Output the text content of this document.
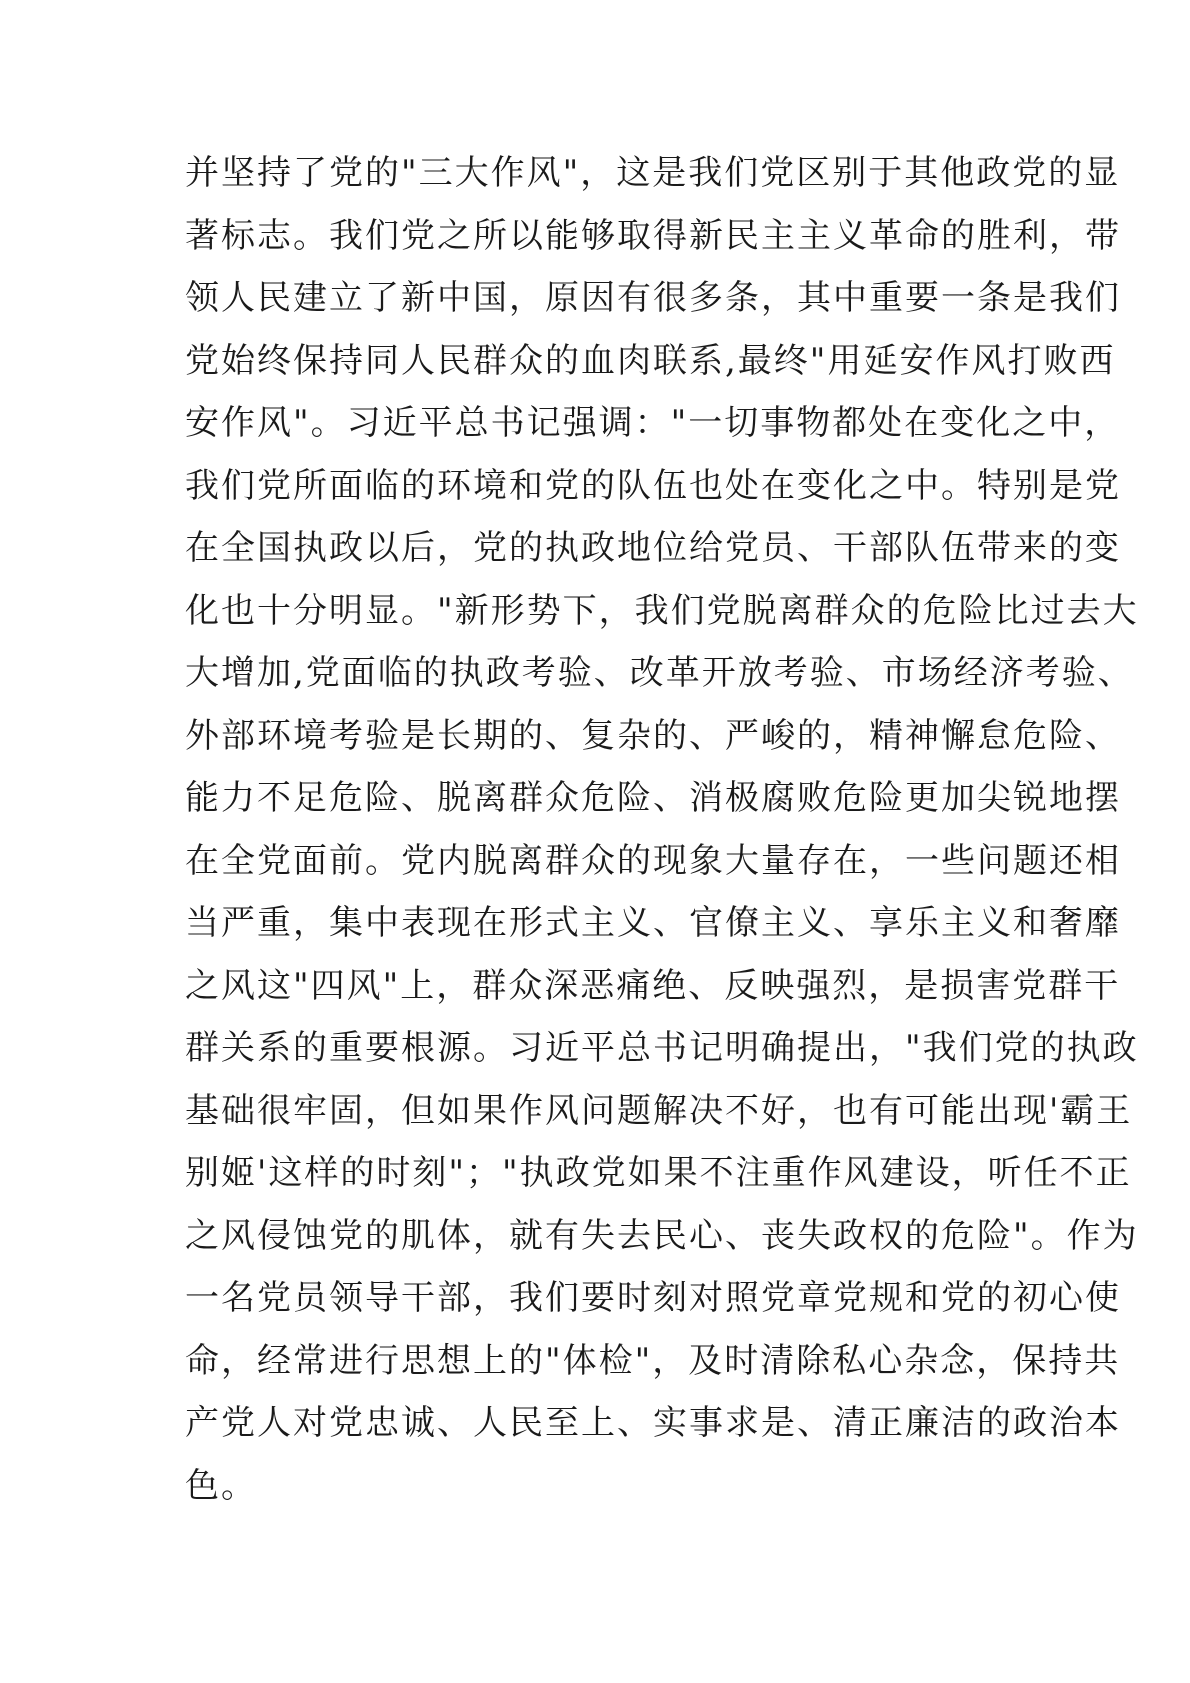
并坚持了党的"三大作风"，这是我们党区别于其他政党的显
著标志。我们党之所以能够取得新民主主义革命的胜利，带
领人民建立了新中国，原因有很多条，其中重要一条是我们
党始终保持同人民群众的血肉联系,最终"用延安作风打败西
安作风"。习近平总书记强调："一切事物都处在变化之中，
我们党所面临的环境和党的队伍也处在变化之中。特别是党
在全国执政以后，党的执政地位给党员、干部队伍带来的变
化也十分明显。"新形势下，我们党脱离群众的危险比过去大
大增加,党面临的执政考验、改革开放考验、市场经济考验、
外部环境考验是长期的、复杂的、严峻的，精神懈怠危险、
能力不足危险、脱离群众危险、消极腐败危险更加尖锐地摆
在全党面前。党内脱离群众的现象大量存在，一些问题还相
当严重，集中表现在形式主义、官僚主义、享乐主义和奢靡
之风这"四风"上，群众深恶痛绝、反映强烈，是损害党群干
群关系的重要根源。习近平总书记明确提出，"我们党的执政
基础很牢固，但如果作风问题解决不好，也有可能出现'霸王
别姬'这样的时刻"；"执政党如果不注重作风建设，听任不正
之风侵蚀党的肌体，就有失去民心、丧失政权的危险"。作为
一名党员领导干部，我们要时刻对照党章党规和党的初心使
命，经常进行思想上的"体检"，及时清除私心杂念，保持共
产党人对党忠诚、人民至上、实事求是、清正廉洁的政治本
色。
